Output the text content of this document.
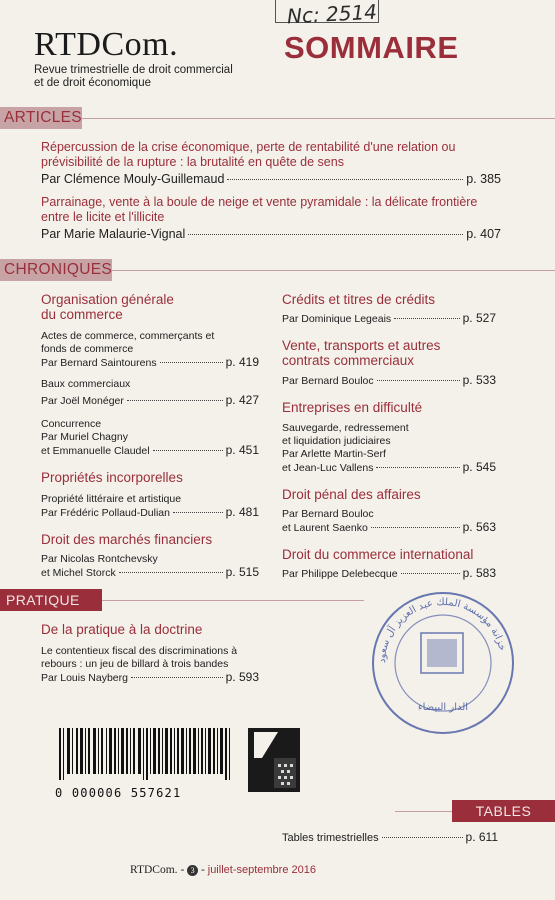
Nc: 2514
RTDCom.
Revue trimestrielle de droit commercial
et de droit économique
SOMMAIRE
ARTICLES
Répercussion de la crise économique, perte de rentabilité d'une relation ou
prévisibilité de la rupture : la brutalité en quête de sens
Par Clémence Mouly-Guillemaud	p. 385
Parrainage, vente à la boule de neige et vente pyramidale : la délicate frontière
entre le licite et l'illicite
Par Marie Malaurie-Vignal	p. 407
CHRONIQUES
Organisation générale
du commerce
Actes de commerce, commerçants et
fonds de commerce
Par Bernard Saintourens	p. 419
Baux commerciaux
Par Joël Monéger	p. 427
Concurrence
Par Muriel Chagny
et Emmanuelle Claudel	p. 451
Propriétés incorporelles
Propriété littéraire et artistique
Par Frédéric Pollaud-Dulian	p. 481
Droit des marchés financiers
Par Nicolas Rontchevsky
et Michel Storck	p. 515
Crédits et titres de crédits
Par Dominique Legeais	p. 527
Vente, transports et autres
contrats commerciaux
Par Bernard Bouloc	p. 533
Entreprises en difficulté
Sauvegarde, redressement
et liquidation judiciaires
Par Arlette Martin-Serf
et Jean-Luc Vallens	p. 545
Droit pénal des affaires
Par Bernard Bouloc
et Laurent Saenko	p. 563
Droit du commerce international
Par Philippe Delebecque	p. 583
PRATIQUE
De la pratique à la doctrine
Le contentieux fiscal des discriminations à
rebours : un jeu de billard à trois bandes
Par Louis Nayberg	p. 593
0 000006 557621
خزانة مؤسسة الملك عبد العزيز آل سعود
الدار البيضاء
TABLES
Tables trimestrielles	p. 611
RTDCom. - 3 - juillet-septembre 2016
